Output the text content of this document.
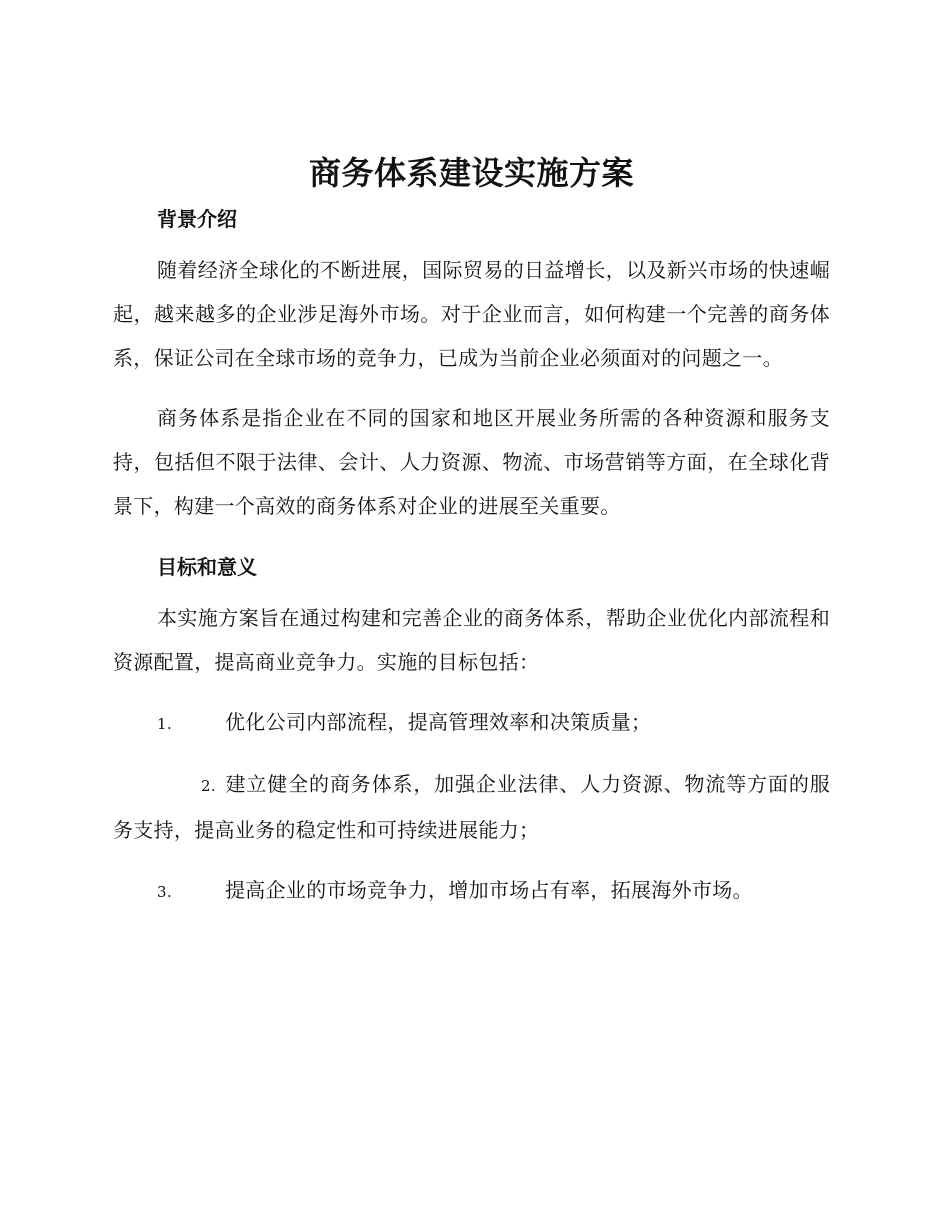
商务体系建设实施方案
背景介绍

随着经济全球化的不断进展，国际贸易的日益增长，以及新兴市场的快速崛起，越来越多的企业涉足海外市场。对于企业而言，如何构建一个完善的商务体系，保证公司在全球市场的竞争力，已成为当前企业必须面对的问题之一。

商务体系是指企业在不同的国家和地区开展业务所需的各种资源和服务支持，包括但不限于法律、会计、人力资源、物流、市场营销等方面，在全球化背景下，构建一个高效的商务体系对企业的进展至关重要。

目标和意义

本实施方案旨在通过构建和完善企业的商务体系，帮助企业优化内部流程和资源配置，提高商业竞争力。实施的目标包括：

1.	优化公司内部流程，提高管理效率和决策质量；

2. 建立健全的商务体系，加强企业法律、人力资源、物流等方面的服务支持，提高业务的稳定性和可持续进展能力；

3.	提高企业的市场竞争力，增加市场占有率，拓展海外市场。
